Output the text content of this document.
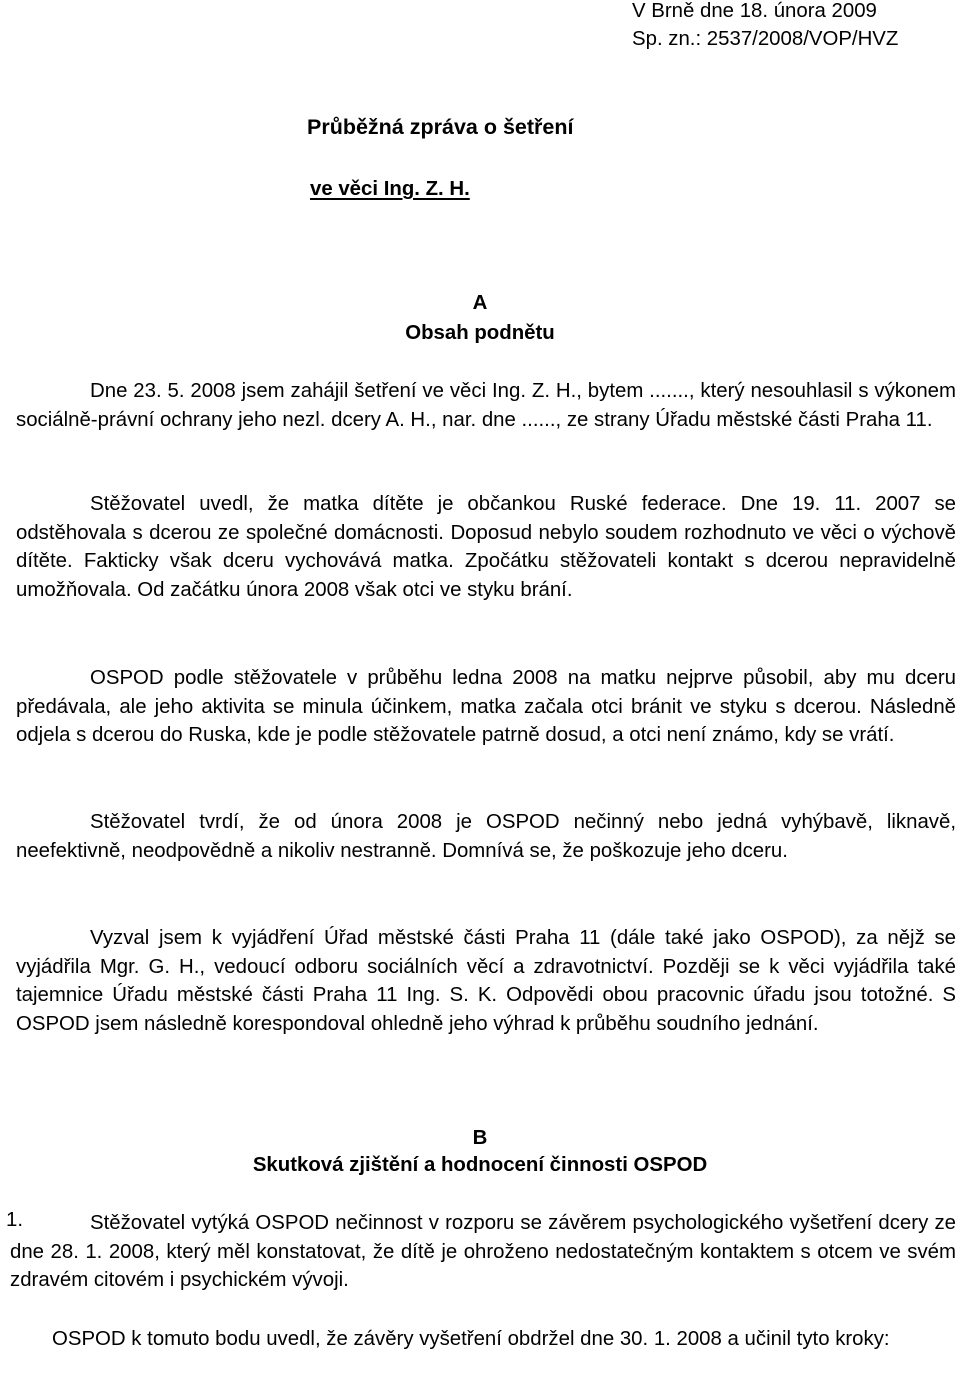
V Brně dne 18. února 2009
Sp. zn.: 2537/2008/VOP/HVZ
Průběžná zpráva o šetření
ve věci Ing. Z. H.
A
Obsah podnětu
Dne 23. 5. 2008 jsem zahájil šetření ve věci Ing. Z. H., bytem ......., který nesouhlasil s výkonem sociálně-právní ochrany jeho nezl. dcery A. H., nar. dne ......, ze strany Úřadu městské části Praha 11.
Stěžovatel uvedl, že matka dítěte je občankou Ruské federace. Dne 19. 11. 2007 se odstěhovala s dcerou ze společné domácnosti. Doposud nebylo soudem rozhodnuto ve věci o výchově dítěte. Fakticky však dceru vychovává matka. Zpočátku stěžovateli kontakt s dcerou nepravidelně umožňovala. Od začátku února 2008 však otci ve styku brání.
OSPOD podle stěžovatele v průběhu ledna 2008 na matku nejprve působil, aby mu dceru předávala, ale jeho aktivita se minula účinkem, matka začala otci bránit ve styku s dcerou. Následně odjela s dcerou do Ruska, kde je podle stěžovatele patrně dosud, a otci není známo, kdy se vrátí.
Stěžovatel tvrdí, že od února 2008 je OSPOD nečinný nebo jedná vyhýbavě, liknavě, neefektivně, neodpovědně a nikoliv nestranně. Domnívá se, že poškozuje jeho dceru.
Vyzval jsem k vyjádření Úřad městské části Praha 11 (dále také jako OSPOD), za nějž se vyjádřila Mgr. G. H., vedoucí odboru sociálních věcí a zdravotnictví. Později se k věci vyjádřila také tajemnice Úřadu městské části Praha 11 Ing. S. K. Odpovědi obou pracovnic úřadu jsou totožné. S OSPOD jsem následně korespondoval ohledně jeho výhrad k průběhu soudního jednání.
B
Skutková zjištění a hodnocení činnosti OSPOD
1.	Stěžovatel vytýká OSPOD nečinnost v rozporu se závěrem psychologického vyšetření dcery ze dne 28. 1. 2008, který měl konstatovat, že dítě je ohroženo nedostatečným kontaktem s otcem ve svém zdravém citovém i psychickém vývoji.
OSPOD k tomuto bodu uvedl, že závěry vyšetření obdržel dne 30. 1. 2008 a učinil tyto kroky:
